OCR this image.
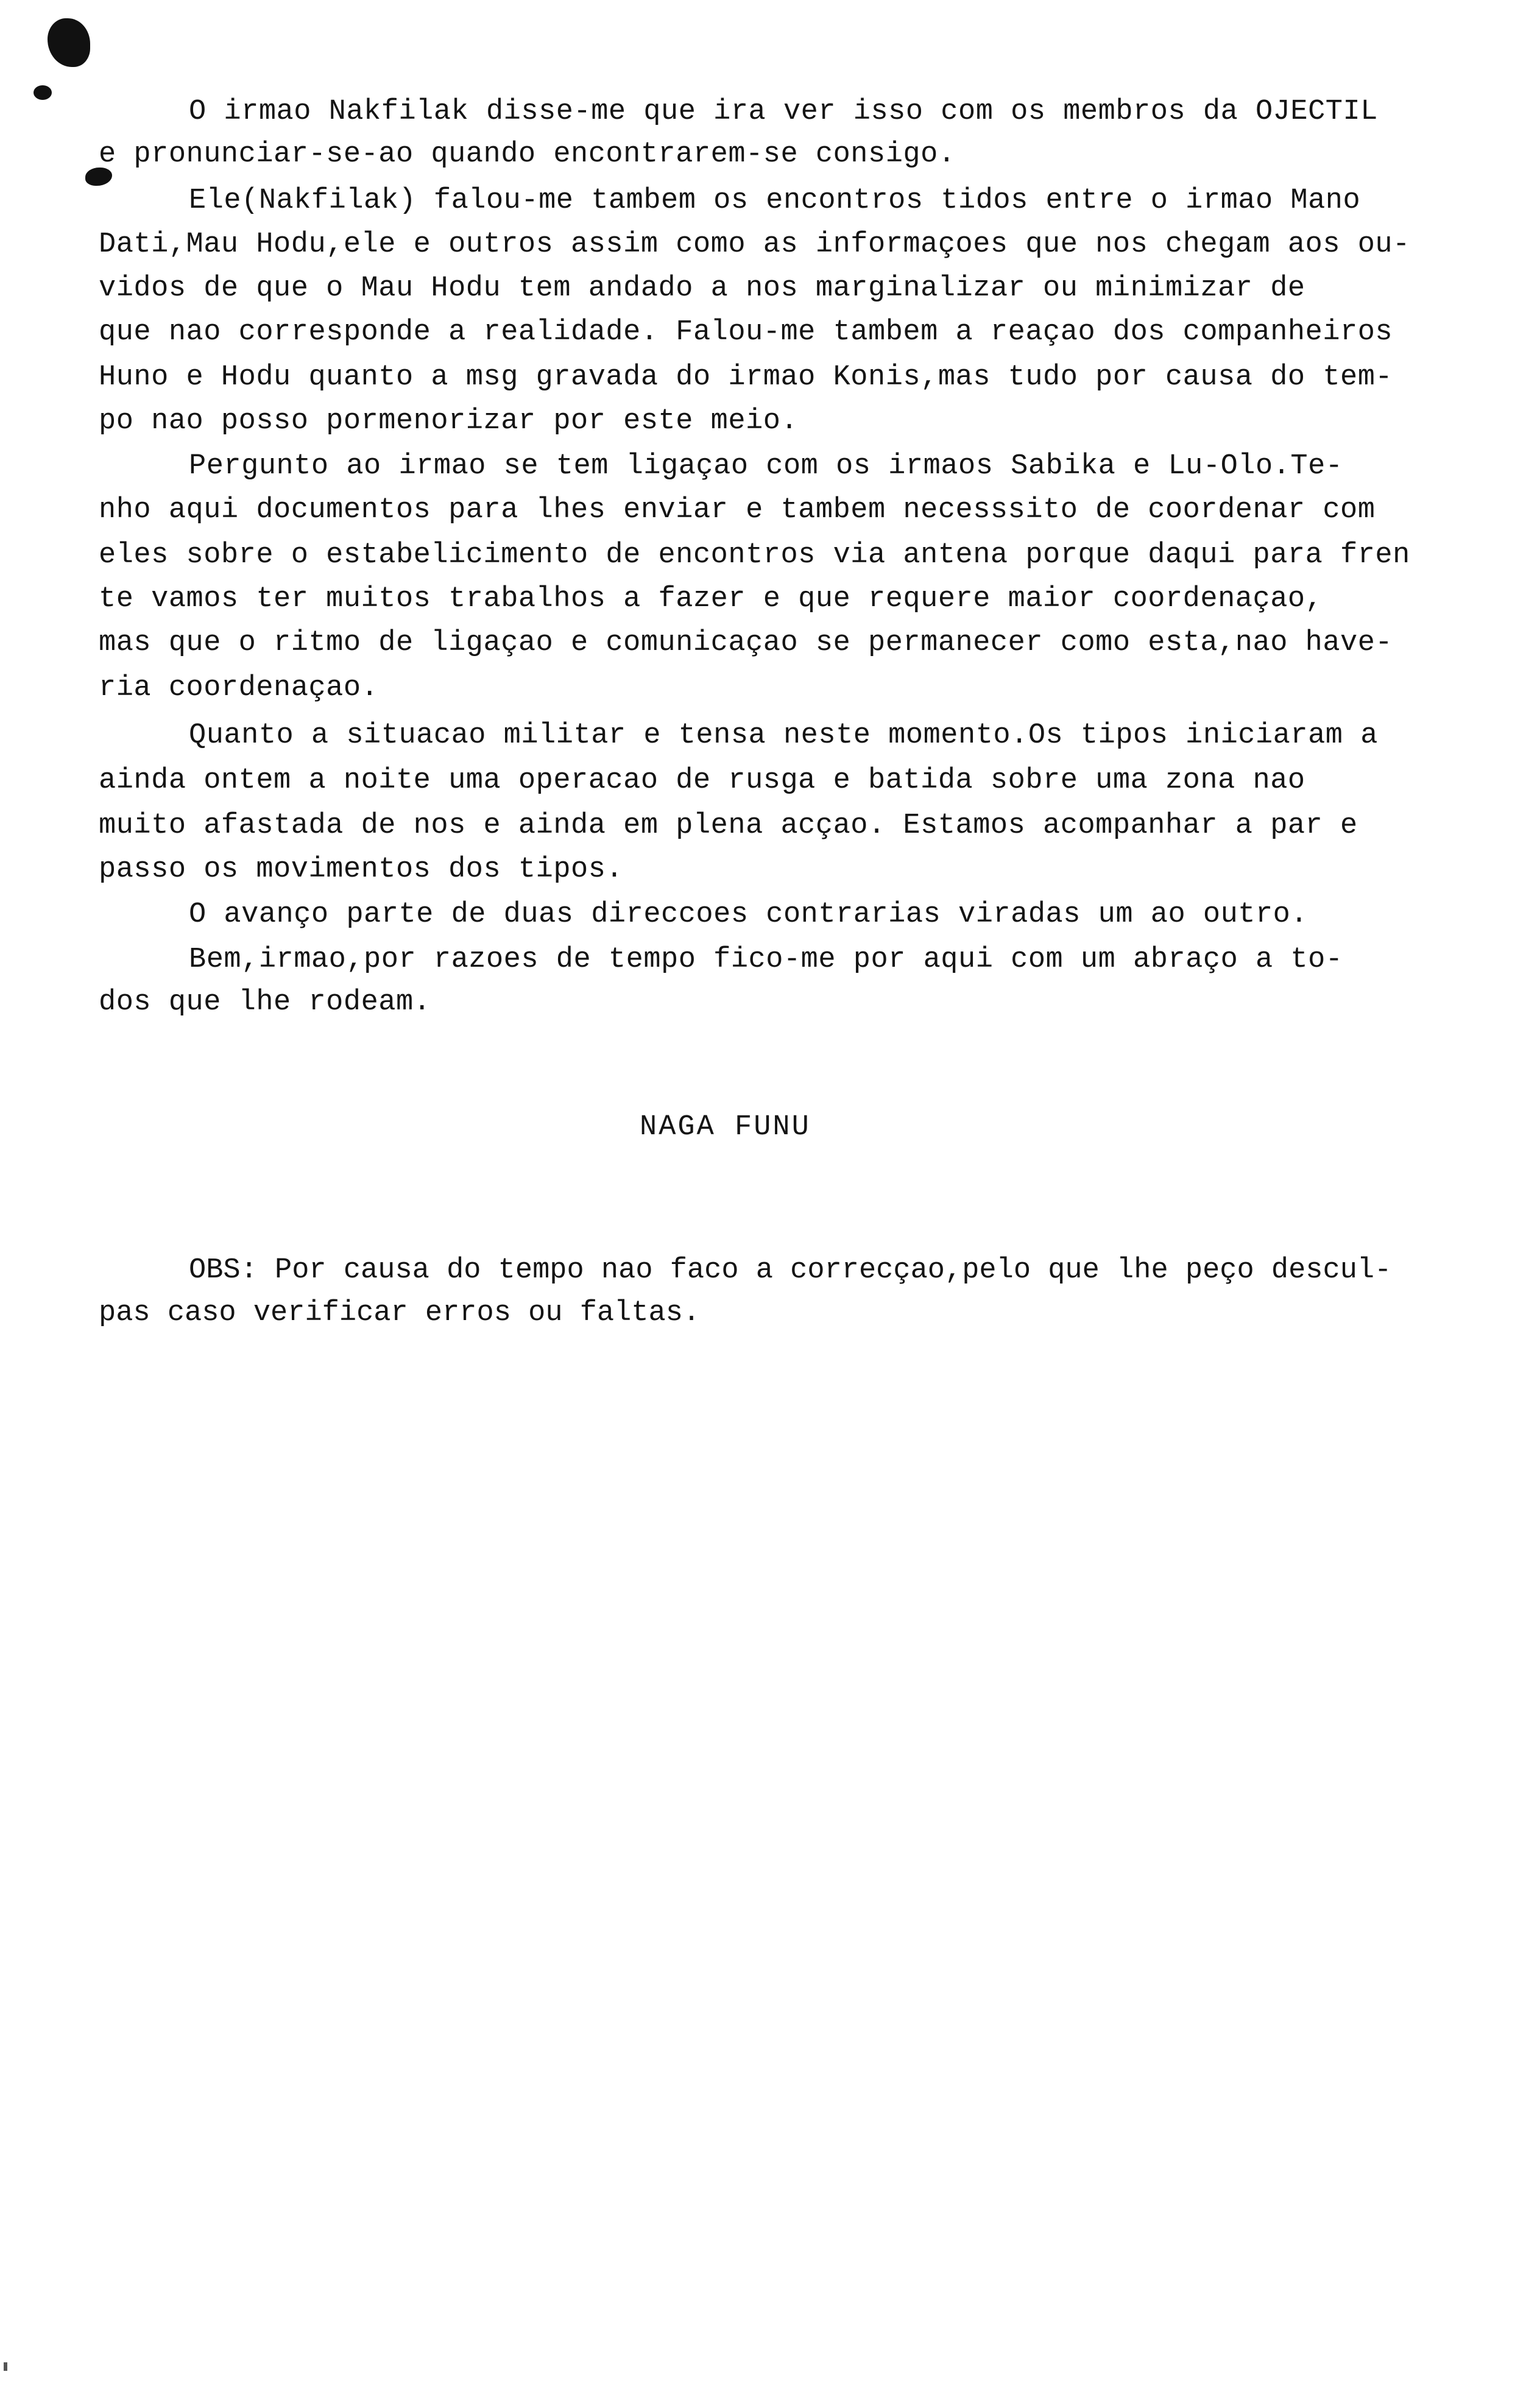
O irmao Nakfilak disse-me que ira ver isso com os membros da OJECTIL
e pronunciar-se-ao quando encontrarem-se consigo.
Ele(Nakfilak) falou-me tambem os encontros tidos entre o irmao Mano
Dati,Mau Hodu,ele e outros assim como as informaçoes que nos chegam aos ou-
vidos de que o Mau Hodu tem andado a nos marginalizar ou minimizar de
que nao corresponde a realidade. Falou-me tambem a reaçao dos companheiros
Huno e Hodu quanto a msg gravada do irmao Konis,mas tudo por causa do tem-
po nao posso pormenorizar por este meio.
Pergunto ao irmao se tem ligaçao com os irmaos Sabika e Lu-Olo.Te-
nho aqui documentos para lhes enviar e tambem necesssito de coordenar com
eles sobre o estabelicimento de encontros via antena porque daqui para fren
te vamos ter muitos trabalhos a fazer e que requere maior coordenaçao,
mas que o ritmo de ligaçao e comunicaçao se permanecer como esta,nao have-
ria coordenaçao.
Quanto a situacao militar e tensa neste momento.Os tipos iniciaram a
ainda ontem a noite uma operacao de rusga e batida sobre uma zona nao
muito afastada de nos e ainda em plena acçao. Estamos acompanhar a par e
passo os movimentos dos tipos.
O avanço parte de duas direccoes contrarias viradas um ao outro.
Bem,irmao,por razoes de tempo fico-me por aqui com um abraço a to-
dos que lhe rodeam.
NAGA FUNU
OBS: Por causa do tempo nao faco a correcçao,pelo que lhe peço descul-
pas caso verificar erros ou faltas.
